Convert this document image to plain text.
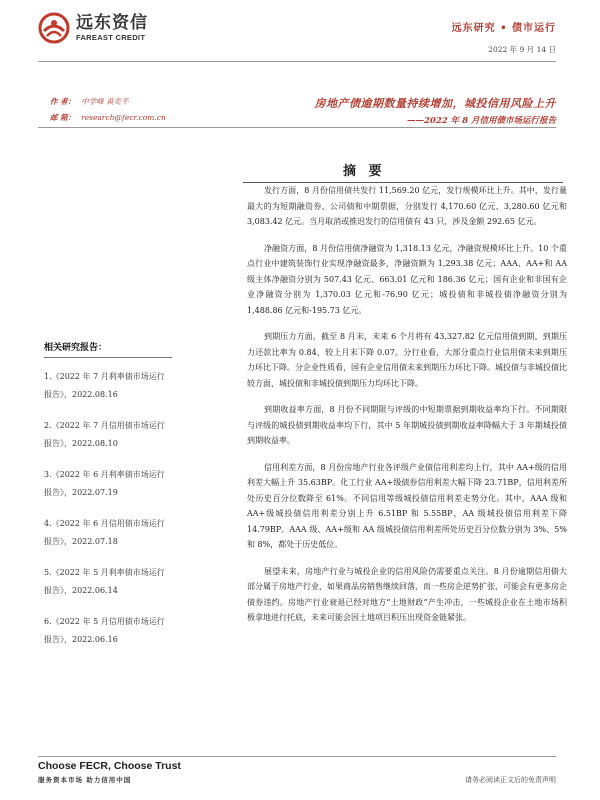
远东资信
FAREAST CREDIT
远东研究 • 债市运行
2022 年 9 月 14 日
作 者： 中学峰 黄奕平
邮 箱： research@fecr.com.cn
房地产债逾期数量持续增加，城投信用风险上升
——2022 年 8 月信用债市场运行报告
摘 要

发行方面，8 月份信用债共发行 11,569.20 亿元，发行规模环比上升。其中，发行量最大的为短期融资券、公司债和中期票据，分别发行 4,170.60 亿元、3,280.60 亿元和 3,083.42 亿元。当月取消或推迟发行的信用债有 43 只，涉及金额 292.65 亿元。

净融资方面，8 月份信用债净融资为 1,318.13 亿元，净融资规模环比上升。10 个重点行业中建筑装饰行业实现净融资最多，净融资额为 1,293.38 亿元；AAA、AA+和 AA 级主体净融资分别为 507.43 亿元、663.01 亿元和 186.36 亿元；国有企业和非国有企业净融资分别为 1,370.03 亿元和-76.90 亿元；城投债和非城投债净融资分别为 1,488.86 亿元和-195.73 亿元。

到期压力方面，截至 8 月末，未来 6 个月将有 43,327.82 亿元信用债到期，到期压力还款比率为 0.84，较上月末下降 0.07。分行业看，大部分重点行业信用债未来到期压力环比下降。分企业性质看，国有企业信用债未来到期压力环比下降。城投债与非城投债比较方面，城投债和非城投债到期压力均环比下降。

到期收益率方面，8 月份不同期限与评级的中短期票据到期收益率均下行。不同期限与评级的城投债到期收益率均下行，其中 5 年期城投债到期收益率降幅大于 3 年期城投债到期收益率。

信用利差方面，8 月份房地产行业各评级产业债信用利差均上行，其中 AA+级的信用利差大幅上升 35.63BP。化工行业 AA+级债券信用利差大幅下降 23.71BP，信用利差所处历史百分位数降至 61%。不同信用等级城投债信用利差走势分化。其中，AAA 级和 AA+级城投债信用利差分别上升 6.51BP 和 5.55BP，AA 级城投债信用利差下降 14.79BP。AAA 级、AA+级和 AA 级城投债信用利差所处历史百分位数分别为 3%、5%和 8%，都处于历史低位。

展望未来，房地产行业与城投企业的信用风险仍需要重点关注。8 月份逾期信用债大部分属于房地产行业，如果商品房销售继续回落，而一些房企逆势扩张，可能会有更多房企债券违约。房地产行业衰退已经对地方“土地财政”产生冲击，一些城投企业在土地市场积极拿地进行托底，未来可能会因土地项目积压出现资金链紧张。

相关研究报告：
1.《2022 年 7 月利率债市场运行报告》，2022.08.16
2.《2022 年 7 月信用债市场运行报告》，2022.08.10
3.《2022 年 6 月利率债市场运行报告》，2022.07.19
4.《2022 年 6 月信用债市场运行报告》，2022.07.18
5.《2022 年 5 月利率债市场运行报告》，2022.06.14
6.《2022 年 5 月信用债市场运行报告》，2022.06.16
Choose FECR, Choose Trust
服务资本市场 助力信用中国	请务必阅读正文后的免责声明
